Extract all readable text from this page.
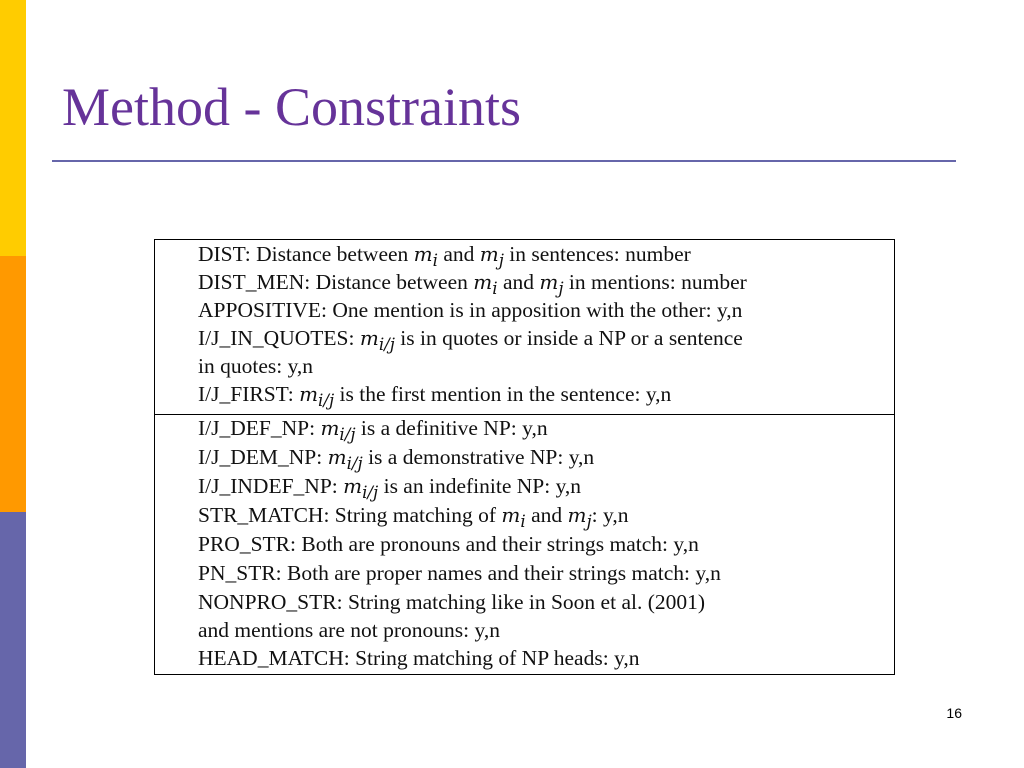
Method - Constraints
DIST: Distance between $m_i$ and $m_j$ in sentences: number
DIST_MEN: Distance between $m_i$ and $m_j$ in mentions: number
APPOSITIVE: One mention is in apposition with the other: y,n
I/J_IN_QUOTES: $m_{i/j}$ is in quotes or inside a NP or a sentence
in quotes: y,n
I/J_FIRST: $m_{i/j}$ is the first mention in the sentence: y,n
I/J_DEF_NP: $m_{i/j}$ is a definitive NP: y,n
I/J_DEM_NP: $m_{i/j}$ is a demonstrative NP: y,n
I/J_INDEF_NP: $m_{i/j}$ is an indefinite NP: y,n
STR_MATCH: String matching of $m_i$ and $m_j$: y,n
PRO_STR: Both are pronouns and their strings match: y,n
PN_STR: Both are proper names and their strings match: y,n
NONPRO_STR: String matching like in Soon et al. (2001)
and mentions are not pronouns: y,n
HEAD_MATCH: String matching of NP heads: y,n
16
